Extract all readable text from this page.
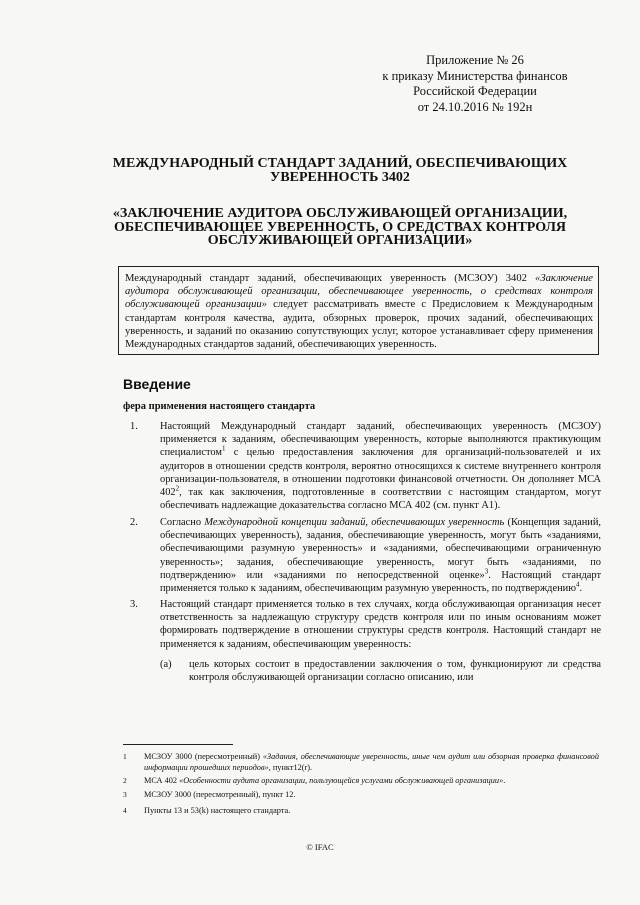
Приложение № 26
к приказу Министерства финансов
Российской Федерации
от 24.10.2016 № 192н
МЕЖДУНАРОДНЫЙ СТАНДАРТ ЗАДАНИЙ, ОБЕСПЕЧИВАЮЩИХ
УВЕРЕННОСТЬ 3402
«ЗАКЛЮЧЕНИЕ АУДИТОРА ОБСЛУЖИВАЮЩЕЙ ОРГАНИЗАЦИИ,
ОБЕСПЕЧИВАЮЩЕЕ УВЕРЕННОСТЬ, О СРЕДСТВАХ КОНТРОЛЯ
ОБСЛУЖИВАЮЩЕЙ ОРГАНИЗАЦИИ»
Международный стандарт заданий, обеспечивающих уверенность (МСЗОУ) 3402 «Заключение аудитора обслуживающей организации, обеспечивающее уверенность, о средствах контроля обслуживающей организации» следует рассматривать вместе с Предисловием к Международным стандартам контроля качества, аудита, обзорных проверок, прочих заданий, обеспечивающих уверенность, и заданий по оказанию сопутствующих услуг, которое устанавливает сферу применения Международных стандартов заданий, обеспечивающих уверенность.
Введение
фера применения настоящего стандарта
1. Настоящий Международный стандарт заданий, обеспечивающих уверенность (МСЗОУ) применяется к заданиям, обеспечивающим уверенность, которые выполняются практикующим специалистом$^1$ с целью предоставления заключения для организаций-пользователей и их аудиторов в отношении средств контроля, вероятно относящихся к системе внутреннего контроля организации-пользователя, в отношении подготовки финансовой отчетности. Он дополняет МСА $402^2$, так как заключения, подготовленные в соответствии с настоящим стандартом, могут обеспечивать надлежащие доказательства согласно МСА 402 (см. пункт А1).
2. Согласно Международной концепции заданий, обеспечивающих уверенность (Концепция заданий, обеспечивающих уверенность), задания, обеспечивающие уверенность, могут быть «заданиями, обеспечивающими разумную уверенность» и «заданиями, обеспечивающими ограниченную уверенность»; задания, обеспечивающие уверенность, могут быть «заданиями, по подтверждению» или «заданиями по непосредственной оценке»$^3$. Настоящий стандарт применяется только к заданиям, обеспечивающим разумную уверенность, по подтверждению$^4$.
3. Настоящий стандарт применяется только в тех случаях, когда обслуживающая организация несет ответственность за надлежащую структуру средств контроля или по иным основаниям может формировать подтверждение в отношении структуры средств контроля. Настоящий стандарт не применяется к заданиям, обеспечивающим уверенность:
(a) цель которых состоит в предоставлении заключения о том, функционируют ли средства контроля обслуживающей организации согласно описанию, или
1 МСЗОУ 3000 (пересмотренный) «Задания, обеспечивающие уверенность, иные чем аудит или обзорная проверка финансовой информации прошедших периодов», пункт12(r).
2 МСА 402 «Особенности аудита организации, пользующейся услугами обслуживающей организации».
3 МСЗОУ 3000 (пересмотренный), пункт 12.
4 Пункты 13 и 53(k) настоящего стандарта.
© IFAC
